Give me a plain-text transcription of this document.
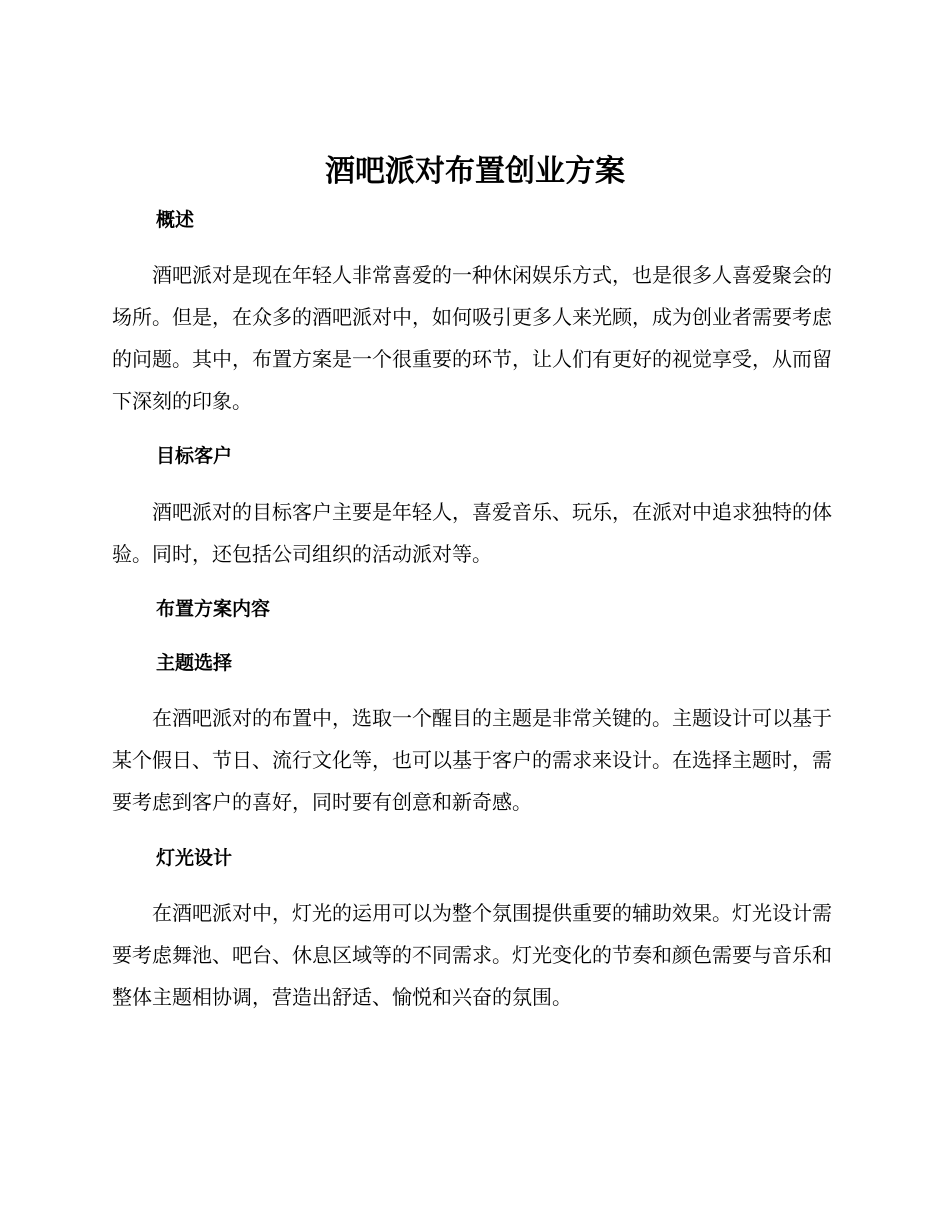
酒吧派对布置创业方案
概述

酒吧派对是现在年轻人非常喜爱的一种休闲娱乐方式，也是很多人喜爱聚会的场所。但是，在众多的酒吧派对中，如何吸引更多人来光顾，成为创业者需要考虑的问题。其中，布置方案是一个很重要的环节，让人们有更好的视觉享受，从而留下深刻的印象。

目标客户

酒吧派对的目标客户主要是年轻人，喜爱音乐、玩乐，在派对中追求独特的体验。同时，还包括公司组织的活动派对等。

布置方案内容
主题选择

在酒吧派对的布置中，选取一个醒目的主题是非常关键的。主题设计可以基于某个假日、节日、流行文化等，也可以基于客户的需求来设计。在选择主题时，需要考虑到客户的喜好，同时要有创意和新奇感。

灯光设计

在酒吧派对中，灯光的运用可以为整个氛围提供重要的辅助效果。灯光设计需要考虑舞池、吧台、休息区域等的不同需求。灯光变化的节奏和颜色需要与音乐和整体主题相协调，营造出舒适、愉悦和兴奋的氛围。
